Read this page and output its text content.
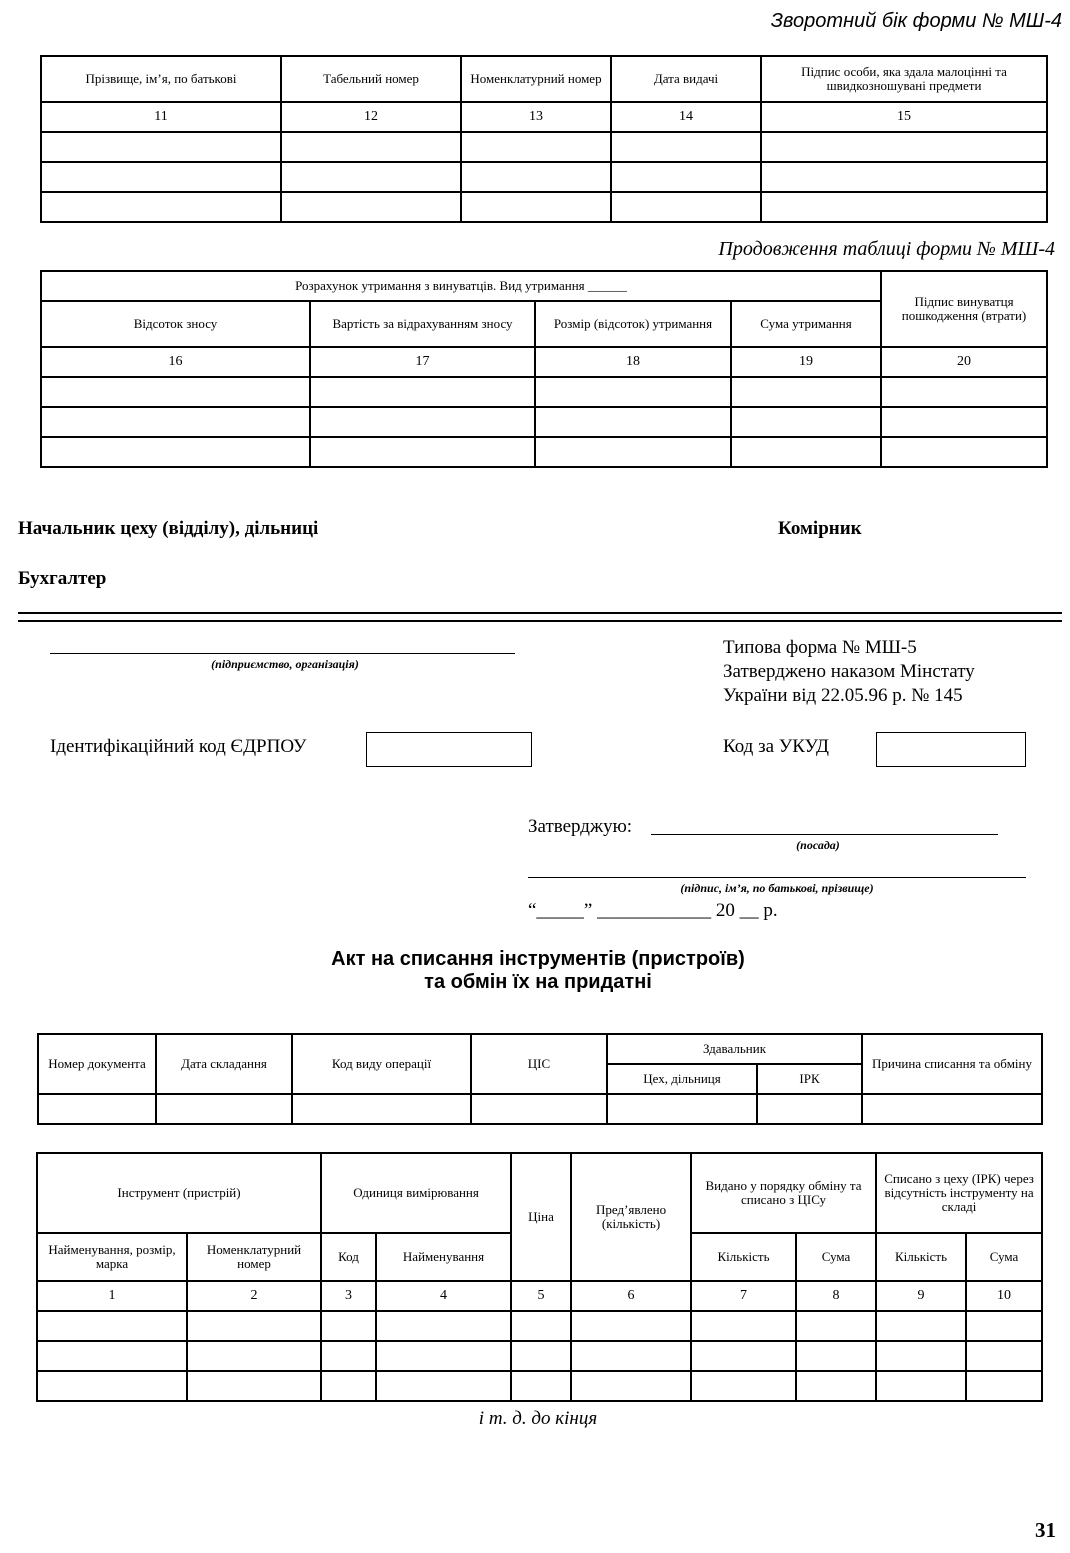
Зворотний бік форми № МШ-4
Прізвище, ім’я, по батькові	Табельний номер	Номенклатурний номер	Дата видачі	Підпис особи, яка здала малоцінні та швидкозношувані предмети
11	12	13	14	15

Продовження таблиці форми № МШ-4
Розрахунок утримання з винуватців. Вид утримання ______				Підпис винуватця пошкодження (втрати)
Відсоток зносу	Вартість за відрахуванням зносу	Розмір (відсоток) утримання	Сума утримання	
16	17	18	19	20

Начальник цеху (відділу), дільниці	Комірник
Бухгалтер
(підприємство, організація)
Типова форма № МШ-5
Затверджено наказом Мінстату
України від 22.05.96 р. № 145
Ідентифікаційний код ЄДРПОУ	Код за УКУД
Затверджую:
(посада)
(підпис, ім’я, по батькові, прізвище)
“_____” ____________ 20 __ р.
Акт на списання інструментів (пристроїв)
та обмін їх на придатні
Номер документа	Дата складання	Код виду операції	ЦІС	Здавальник		Причина списання та обміну
				Цех, дільниця	ІРК	

Інструмент (пристрій)		Одиниця вимірювання		Ціна	Пред’явлено (кількість)	Видано у порядку обміну та списано з ЦІСу		Списано з цеху (ІРК) через відсутність інструменту на складі	
Найменування, розмір, марка	Номенклатурний номер	Код	Найменування			Кількість	Сума	Кількість	Сума
1	2	3	4	5	6	7	8	9	10

і т. д. до кінця
31
